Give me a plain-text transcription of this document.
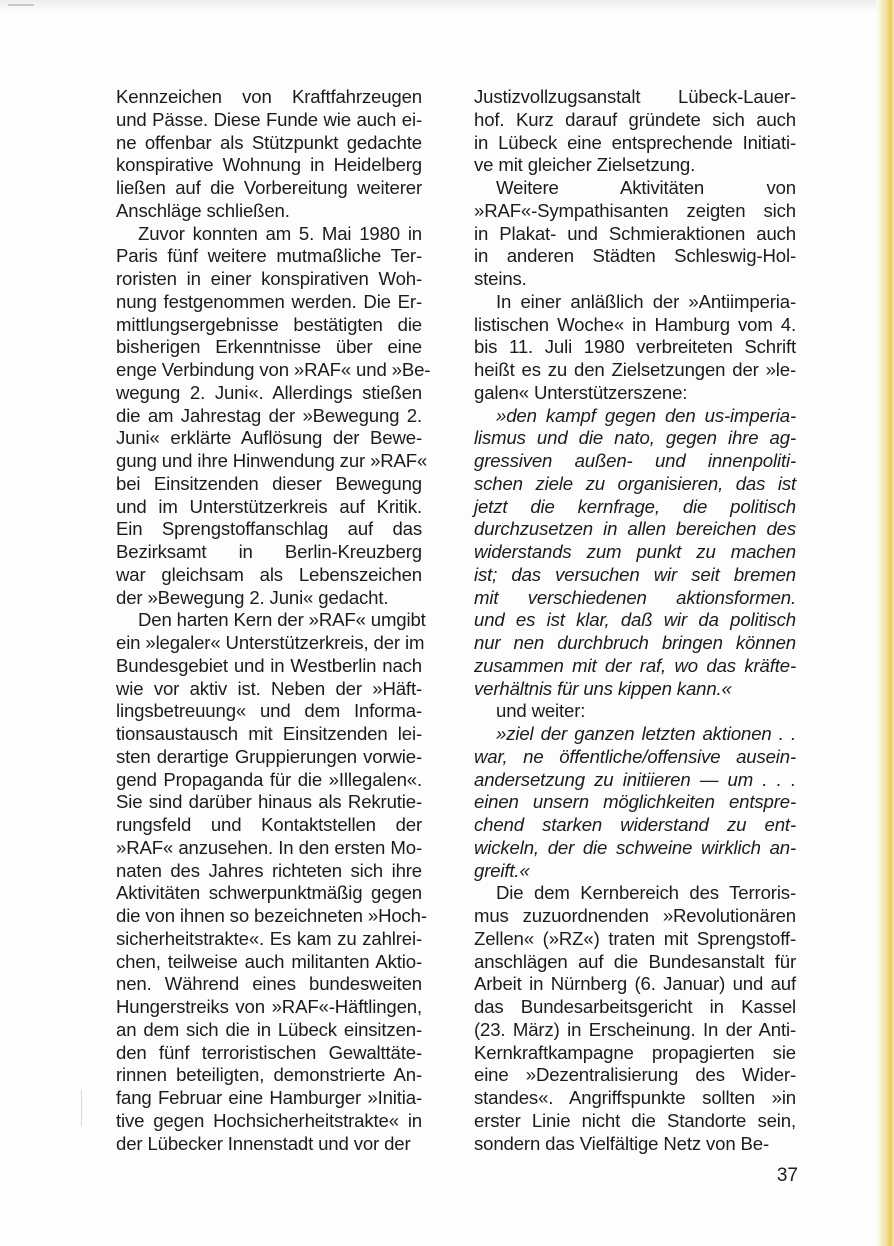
Kennzeichen von Kraftfahrzeugen
und Pässe. Diese Funde wie auch ei-
ne offenbar als Stützpunkt gedachte
konspirative Wohnung in Heidelberg
ließen auf die Vorbereitung weiterer
Anschläge schließen.

Zuvor konnten am 5. Mai 1980 in
Paris fünf weitere mutmaßliche Ter-
roristen in einer konspirativen Woh-
nung festgenommen werden. Die Er-
mittlungsergebnisse bestätigten die
bisherigen Erkenntnisse über eine
enge Verbindung von »RAF« und »Be-
wegung 2. Juni«. Allerdings stießen
die am Jahrestag der »Bewegung 2.
Juni« erklärte Auflösung der Bewe-
gung und ihre Hinwendung zur »RAF«
bei Einsitzenden dieser Bewegung
und im Unterstützerkreis auf Kritik.
Ein Sprengstoffanschlag auf das
Bezirksamt in Berlin-Kreuzberg
war gleichsam als Lebenszeichen
der »Bewegung 2. Juni« gedacht.

Den harten Kern der »RAF« umgibt
ein »legaler« Unterstützerkreis, der im
Bundesgebiet und in Westberlin nach
wie vor aktiv ist. Neben der »Häft-
lingsbetreuung« und dem Informa-
tionsaustausch mit Einsitzenden lei-
sten derartige Gruppierungen vorwie-
gend Propaganda für die »Illegalen«.
Sie sind darüber hinaus als Rekrutie-
rungsfeld und Kontaktstellen der
»RAF« anzusehen. In den ersten Mo-
naten des Jahres richteten sich ihre
Aktivitäten schwerpunktmäßig gegen
die von ihnen so bezeichneten »Hoch-
sicherheitstrakte«. Es kam zu zahlrei-
chen, teilweise auch militanten Aktio-
nen. Während eines bundesweiten
Hungerstreiks von »RAF«-Häftlingen,
an dem sich die in Lübeck einsitzen-
den fünf terroristischen Gewalttäte-
rinnen beteiligten, demonstrierte An-
fang Februar eine Hamburger »Initia-
tive gegen Hochsicherheitstrakte« in
der Lübecker Innenstadt und vor der

Justizvollzugsanstalt Lübeck-Lauer-
hof. Kurz darauf gründete sich auch
in Lübeck eine entsprechende Initiati-
ve mit gleicher Zielsetzung.

Weitere Aktivitäten von
»RAF«-Sympathisanten zeigten sich
in Plakat- und Schmieraktionen auch
in anderen Städten Schleswig-Hol-
steins.

In einer anläßlich der »Antiimperia-
listischen Woche« in Hamburg vom 4.
bis 11. Juli 1980 verbreiteten Schrift
heißt es zu den Zielsetzungen der »le-
galen« Unterstützerszene:

»den kampf gegen den us-imperia-
lismus und die nato, gegen ihre ag-
gressiven außen- und innenpoliti-
schen ziele zu organisieren, das ist
jetzt die kernfrage, die politisch
durchzusetzen in allen bereichen des
widerstands zum punkt zu machen
ist; das versuchen wir seit bremen
mit verschiedenen aktionsformen.
und es ist klar, daß wir da politisch
nur nen durchbruch bringen können
zusammen mit der raf, wo das kräfte-
verhältnis für uns kippen kann.«

und weiter:

»ziel der ganzen letzten aktionen . .
war, ne öffentliche/offensive ausein-
andersetzung zu initiieren — um . . .
einen unsern möglichkeiten entspre-
chend starken widerstand zu ent-
wickeln, der die schweine wirklich an-
greift.«

Die dem Kernbereich des Terroris-
mus zuzuordnenden »Revolutionären
Zellen« (»RZ«) traten mit Sprengstoff-
anschlägen auf die Bundesanstalt für
Arbeit in Nürnberg (6. Januar) und auf
das Bundesarbeitsgericht in Kassel
(23. März) in Erscheinung. In der Anti-
Kernkraftkampagne propagierten sie
eine »Dezentralisierung des Wider-
standes«. Angriffspunkte sollten »in
erster Linie nicht die Standorte sein,
sondern das Vielfältige Netz von Be-

37
